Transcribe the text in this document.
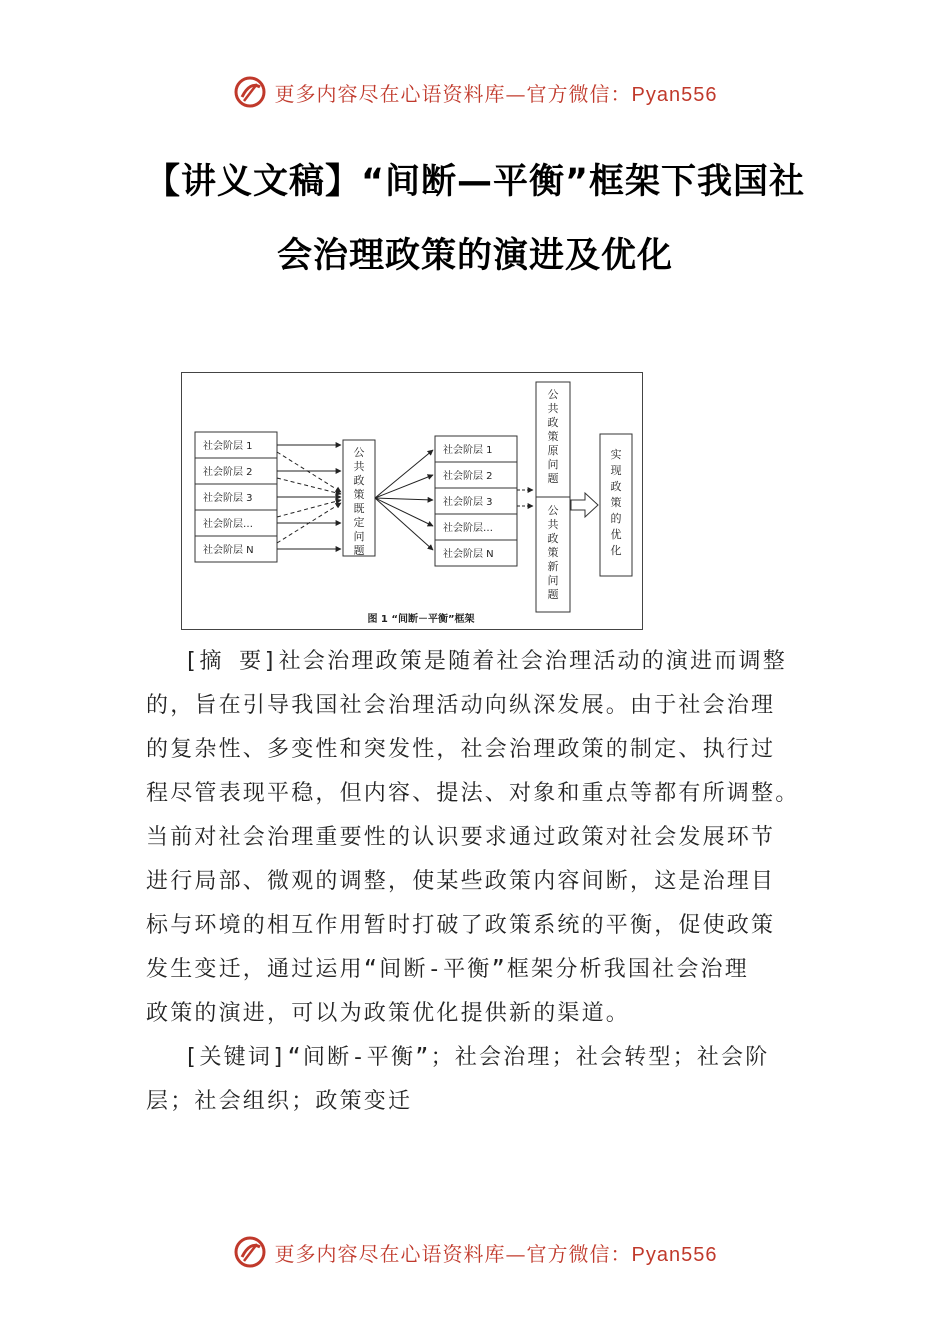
更多内容尽在心语资料库—官方微信：Pyan556
【讲义文稿】“间断—平衡”框架下我国社
会治理政策的演进及优化
社会阶层 1
社会阶层 2
社会阶层 3
社会阶层…
社会阶层 N
公共政策既定问题
社会阶层 1
社会阶层 2
社会阶层 3
社会阶层…
社会阶层 N
公共政策原问题
公共政策新问题
实现政策的优化
图 1 “间断－平衡”框架
[摘 要]社会治理政策是随着社会治理活动的演进而调整
的，旨在引导我国社会治理活动向纵深发展。由于社会治理
的复杂性、多变性和突发性，社会治理政策的制定、执行过
程尽管表现平稳，但内容、提法、对象和重点等都有所调整。
当前对社会治理重要性的认识要求通过政策对社会发展环节
进行局部、微观的调整，使某些政策内容间断，这是治理目
标与环境的相互作用暂时打破了政策系统的平衡，促使政策
发生变迁，通过运用“间断-平衡”框架分析我国社会治理
政策的演进，可以为政策优化提供新的渠道。
[关键词]“间断-平衡”；社会治理；社会转型；社会阶
层；社会组织；政策变迁
更多内容尽在心语资料库—官方微信：Pyan556
